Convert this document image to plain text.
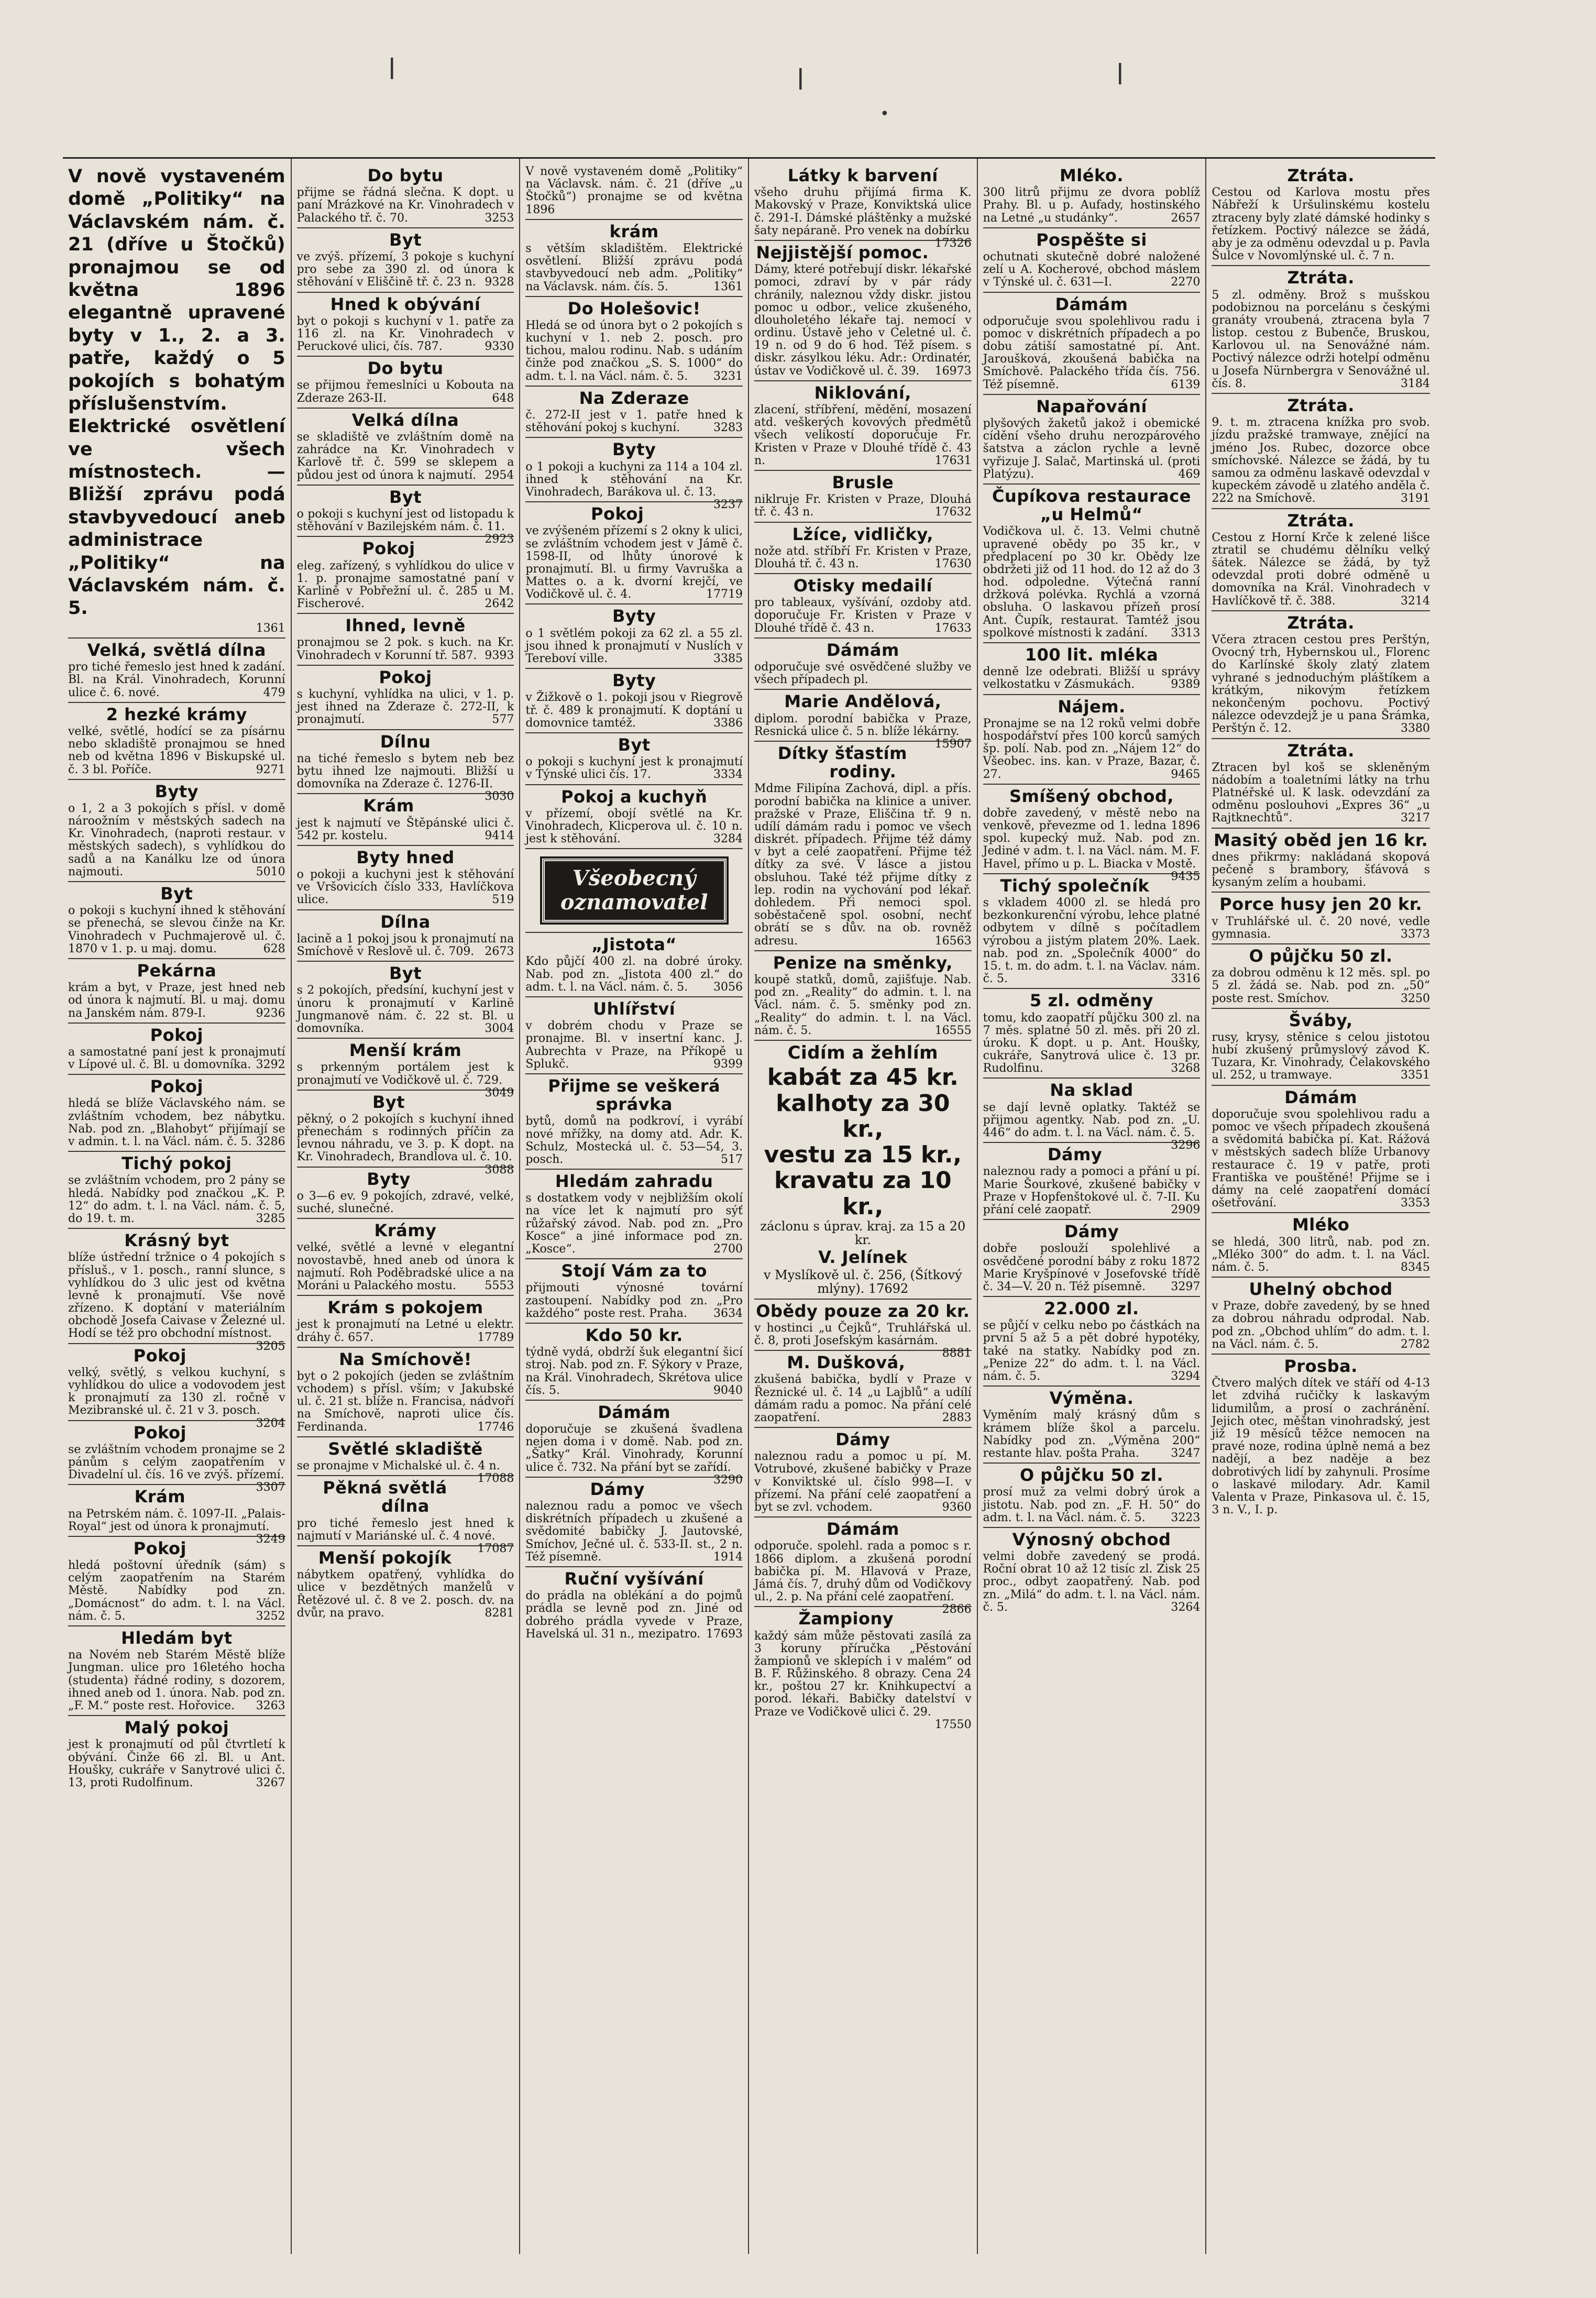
ǀ	ǀ	ǀ
•

V nově vystaveném domě „Politiky“ na Václavském nám. č. 21 (dříve u Štočků) pronajmou se od května 1896 elegantně upravené byty v 1., 2. a 3. patře, každý o 5 pokojích s bohatým příslušenstvím. Elektrické osvětlení ve všech místnostech. — Bližší zprávu podá stavbyvedoucí aneb administrace „Politiky“ na Václavském nám. č. 5.

1361
Velká, světlá dílna

pro tiché řemeslo jest hned k zadání. Bl. na Král. Vinohradech, Korunní ulice č. 6. nové.	479

2 hezké krámy

velké, světlé, hodící se za písárnu nebo skladiště pronajmou se hned neb od května 1896 v Biskupské ul. č. 3 bl. Poříče.	9271

Byty

o 1, 2 a 3 pokojích s přísl. v domě nároožním v městských sadech na Kr. Vinohradech, (naproti restaur. v městských sadech), s vyhlídkou do sadů a na Kanálku lze od února najmouti.	5010

Byt

o pokoji s kuchyní ihned k stěhování se přenechá, se slevou činže na Kr. Vinohradech v Puchmajerově ul. č. 1870 v 1. p. u maj. domu.	628

Pekárna

krám a byt, v Praze, jest hned neb od února k najmutí. Bl. u maj. domu na Janském nám. 879-I.	9236

Pokoj

a samostatné paní jest k pronajmutí v Lípové ul. č. Bl. u domovníka. 3292

Pokoj

hledá se blíže Václavského nám. se zvláštním vchodem, bez nábytku. Nab. pod zn. „Blahobyt“ přijímají se v admin. t. l. na Václ. nám. č. 5. 3286

Tichý pokoj

se zvláštním vchodem, pro 2 pány se hledá. Nabídky pod značkou „K. P. 12“ do adm. t. l. na Václ. nám. č. 5, do 19. t. m.	3285

Krásný byt

blíže ústřední tržnice o 4 pokojích s přísluš., v 1. posch., ranní slunce, s vyhlídkou do 3 ulic jest od května levně k pronajmutí. Vše nově zřízeno. K doptání v materiálním obchodě Josefa Caivase v Železné ul. Hodí se též pro obchodní místnost.
3205

Pokoj

velký, světlý, s velkou kuchyní, s vyhlídkou do ulice a vodovodem jest k pronajmutí za 130 zl. ročně v Mezibranské ul. č. 21 v 3. posch.
3204

Pokoj

se zvláštním vchodem pronajme se 2 pánům s celým zaopatřením v Divadelní ul. čís. 16 ve zvýš. přízemí.
3307

Krám

na Petrském nám. č. 1097-II. „Palais-Royal“ jest od února k pronajmutí.
3249

Pokoj

hledá poštovní úředník (sám) s celým zaopatřením na Starém Městě. Nabídky pod zn. „Domácnost“ do adm. t. l. na Václ. nám. č. 5.	3252

Hledám byt

na Novém neb Starém Městě blíže Jungman. ulice pro 16letého hocha (studenta) řádné rodiny, s dozorem, ihned aneb od 1. února. Nab. pod zn. „F. M.“ poste rest. Hořovice.	3263

Malý pokoj

jest k pronajmutí od půl čtvrtletí k obývání. Činže 66 zl. Bl. u Ant. Houšky, cukráře v Sanytrové ulici č. 13, proti Rudolfinum.	3267

Do bytu

přijme se řádná slečna. K dopt. u paní Mrázkové na Kr. Vinohradech v Palackého tř. č. 70.	3253

Byt

ve zvýš. přízemí, 3 pokoje s kuchyní pro sebe za 390 zl. od února k stěhování v Eliščině tř. č. 23 n. 9328

Hned k obývání

byt o pokoji s kuchyní v 1. patře za 116 zl. na Kr. Vinohradech v Peruckové ulici, čís. 787.	9330

Do bytu

se přijmou řemeslníci u Kobouta na Zderaze 263-II.	648

Velká dílna

se skladiště ve zvláštním domě na zahrádce na Kr. Vinohradech v Karlově tř. č. 599 se sklepem a půdou jest od února k najmutí. 2954

Byt

o pokoji s kuchyní jest od listopadu k stěhování v Bazilejském nám. č. 11.
2923

Pokoj

eleg. zařízený, s vyhlídkou do ulice v 1. p. pronajme samostatné paní v Karlině v Pobřežní ul. č. 285 u M. Fischerové.	2642

Ihned, levně

pronajmou se 2 pok. s kuch. na Kr. Vinohradech v Korunní tř. 587. 9393

Pokoj

s kuchyní, vyhlídka na ulici, v 1. p. jest ihned na Zderaze č. 272-II, k pronajmutí.	577

Dílnu

na tiché řemeslo s bytem neb bez bytu ihned lze najmouti. Bližší u domovníka na Zderaze č. 1276-II.
3030

Krám

jest k najmutí ve Štěpánské ulici č. 542 pr. kostelu.	9414

Byty hned

o pokoji a kuchyni jest k stěhování ve Vršovicích číslo 333, Havlíčkova ulice.	519

Dílna

lacině a 1 pokoj jsou k pronajmutí na Smíchově v Reslově ul. č. 709. 2673

Byt

s 2 pokojích, předsíní, kuchyní jest v únoru k pronajmutí v Karlině Jungmanově nám. č. 22 st. Bl. u domovníka.	3004

Menší krám

s prkenným portálem jest k pronajmutí ve Vodičkově ul. č. 729.
3049

Byt

pěkný, o 2 pokojích s kuchyní ihned přenechám s rodinných příčin za levnou náhradu, ve 3. p. K dopt. na Kr. Vinohradech, Brandlova ul. č. 10.
3088

Byty

o 3—6 ev. 9 pokojích, zdravé, velké, suché, slunečné.

Krámy

velké, světlé a levné v elegantní novostavbě, hned aneb od února k najmutí. Roh Poděbradské ulice a na Moráni u Palackého mostu.	5553

Krám s pokojem

jest k pronajmutí na Letné u elektr. dráhy č. 657.	17789

Na Smíchově!

byt o 2 pokojích (jeden se zvláštním vchodem) s přísl. vším; v Jakubské ul. č. 21 st. blíže n. Francisa, nádvoří na Smíchově, naproti ulice čís. Ferdinanda.	17746

Světlé skladiště

se pronajme v Michalské ul. č. 4 n.
17088

Pěkná světlá dílna

pro tiché řemeslo jest hned k najmutí v Mariánské ul. č. 4 nové.
17087

Menší pokojík

nábytkem opatřený, vyhlídka do ulice v bezdětných manželů v Řetězové ul. č. 8 ve 2. posch. dv. na dvůr, na pravo.	8281

V nově vystaveném domě „Politiky“ na Václavsk. nám. č. 21 (dříve „u Štočků“) pronajme se od května 1896

krám

s větším skladištěm. Elektrické osvětlení. Bližší zprávu podá stavbyvedoucí neb adm. „Politiky“ na Václavsk. nám. čís. 5.	1361

Do Holešovic!

Hledá se od února byt o 2 pokojích s kuchyní v 1. neb 2. posch. pro tichou, malou rodinu. Nab. s udáním činže pod značkou „S. S. 1000“ do adm. t. l. na Václ. nám. č. 5.	3231

Na Zderaze

č. 272-II jest v 1. patře hned k stěhování pokoj s kuchyní.	3283

Byty

o 1 pokoji a kuchyni za 114 a 104 zl. ihned k stěhování na Kr. Vinohradech, Barákova ul. č. 13.
3237

Pokoj

ve zvýšeném přízemí s 2 okny k ulici, se zvláštním vchodem jest v Jámě č. 1598-II, od lhůty únorové k pronajmutí. Bl. u firmy Vavruška a Mattes o. a k. dvorní krejčí, ve Vodičkově ul. č. 4.	17719

Byty

o 1 světlém pokoji za 62 zl. a 55 zl. jsou ihned k pronajmutí v Nuslích v Tereboví ville.	3385

Byty

v Žižkově o 1. pokoji jsou v Riegrově tř. č. 489 k pronajmutí. K doptání u domovnice tamtéž.	3386

Byt

o pokoji s kuchyní jest k pronajmutí v Týnské ulici čís. 17.	3334

Pokoj a kuchyň

v přízemí, obojí světlé na Kr. Vinohradech, Klicperova ul. č. 10 n. jest k stěhování.	3284

Všeobecný
oznamovatel
„Jistota“

Kdo půjčí 400 zl. na dobré úroky. Nab. pod zn. „Jistota 400 zl.“ do adm. t. l. na Václ. nám. č. 5.	3056

Uhlířství

v dobrém chodu v Praze se pronajme. Bl. v insertní kanc. J. Aubrechta v Praze, na Příkopě u Splukč.	9399

Přijme se veškerá správka

bytů, domů na podkroví, i vyrábí nové mřížky, na domy atd. Adr. K. Schulz, Mostecká ul. č. 53—54, 3. posch.	517

Hledám zahradu

s dostatkem vody v nejbližším okolí na více let k najmutí pro sýť růžařský závod. Nab. pod zn. „Pro Kosce“ a jiné informace pod zn. „Kosce“.	2700

Stojí Vám za to

přijmouti výnosné tovární zastoupení. Nabídky pod zn. „Pro každého“ poste rest. Praha.	3634

Kdo 50 kr.

týdně vydá, obdrží šuk elegantní šicí stroj. Nab. pod zn. F. Sýkory v Praze, na Král. Vinohradech, Skrétova ulice čís. 5.	9040

Dámám

doporučuje se zkušená švadlena nejen doma i v domě. Nab. pod zn. „Šatky“ Král. Vinohrady, Korunní ulice č. 732. Na přání byt se zařídí.
3290

Dámy

naleznou radu a pomoc ve všech diskrétních případech u zkušené a svědomité babičky J. Jautovské, Smíchov, Ječné ul. č. 533-II. st., 2 n. Též písemně.	1914

Ruční vyšívání

do prádla na oblékání a do pojmů prádla se levně pod zn. Jiné od dobrého prádla vyvede v Praze, Havelská ul. 31 n., mezipatro. 17693

Látky k barvení

všeho druhu přijímá firma K. Makovský v Praze, Konviktská ulice č. 291-I. Dámské pláštěnky a mužské šaty nepáraně. Pro venek na dobírku
17326

Nejjistější pomoc.

Dámy, které potřebují diskr. lékařské pomoci, zdraví by v pár rády chránily, naleznou vždy diskr. jistou pomoc u odbor., velice zkušeného, dlouholetého lékaře taj. nemocí v ordinu. Ústavě jeho v Celetné ul. č. 19 n. od 9 do 6 hod. Též písem. s diskr. zásylkou léku. Adr.: Ordinatér, ústav ve Vodičkově ul. č. 39.	16973

Niklování,

zlacení, stříbření, mědění, mosazení atd. veškerých kovových předmětů všech velikostí doporučuje Fr. Kristen v Praze v Dlouhé třídě č. 43 n.	17631

Brusle

niklruje Fr. Kristen v Praze, Dlouhá tř. č. 43 n.	17632

Lžíce, vidličky,

nože atd. stříbří Fr. Kristen v Praze, Dlouhá tř. č. 43 n.	17630

Otisky medailí

pro tableaux, vyšívání, ozdoby atd. doporučuje Fr. Kristen v Praze v Dlouhé třídě č. 43 n.	17633

Dámám

odporučuje své osvědčené služby ve všech případech pl.

Marie Andělová,

diplom. porodní babička v Praze, Resnická ulice č. 5 n. blíže lékárny.
15907

Dítky šťastím rodiny.

Mdme Filipína Zachová, dipl. a přís. porodní babička na klinice a univer. pražské v Praze, Eliščina tř. 9 n. udílí dámám radu i pomoc ve všech diskrét. případech. Přijme též dámy v byt a celé zaopatření. Přijme též dítky za své. V lásce a jistou obsluhou. Také též přijme dítky z lep. rodin na vychování pod lékař. dohledem. Při nemoci spol. soběstačeně spol. osobní, nechť obrátí se s dův. na ob. rovněž adresu.	16563

Penize na směnky,

koupě statků, domů, zajišťuje. Nab. pod zn. „Reality“ do admin. t. l. na Václ. nám. č. 5. směnky pod zn. „Reality“ do admin. t. l. na Václ. nám. č. 5.	16555

Cidím a žehlím
kabát za 45 kr.
kalhoty za 30 kr.,
vestu za 15 kr.,
kravatu za 10 kr.,
záclonu s úprav. kraj. za 15 a 20 kr.
V. Jelínek
v Myslíkově ul. č. 256, (Šítkový mlýny). 17692
Obědy pouze za 20 kr.

v hostinci „u Čejků“, Truhlářská ul. č. 8, proti Josefským kasárnám.
8881

M. Dušková,

zkušená babička, bydlí v Praze v Řeznické ul. č. 14 „u Lajblů“ a udílí dámám radu a pomoc. Na přání celé zaopatření.	2883

Dámy

naleznou radu a pomoc u pí. M. Votrubové, zkušené babičky v Praze v Konviktské ul. číslo 998—I. v přízemí. Na přání celé zaopatření a byt se zvl. vchodem.	9360

Dámám

odporuče. spolehl. rada a pomoc s r. 1866 diplom. a zkušená porodní babička pí. M. Hlavová v Praze, Jámá čís. 7, druhý dům od Vodičkovy ul., 2. p. Na přání celé zaopatření.
2866

Žampiony

každý sám může pěstovati zasílá za 3 koruny příručka „Pěstování žampionů ve sklepích i v malém“ od B. F. Růžinského. 8 obrazy. Cena 24 kr., poštou 27 kr. Knihkupectví a porod. lékaři. Babičky datelství v Praze ve Vodičkově ulici č. 29.
17550

Mléko.

300 litrů přijmu ze dvora poblíž Prahy. Bl. u p. Aufady, hostinského na Letné „u studánky“.	2657

Pospěšte si

ochutnati skutečně dobré naložené zelí u A. Kocherové, obchod máslem v Týnské ul. č. 631—I.	2270

Dámám

odporučuje svou spolehlivou radu i pomoc v diskrétních případech a po dobu zátiší samostatné pí. Ant. Jaroušková, zkoušená babička na Smíchově. Palackého třída čís. 756. Též písemně.	6139

Napařování

plyšových žaketů jakož i obemické cídění všeho druhu nerozpárového šatstva a záclon rychle a levně vyřizuje J. Salač, Martinská ul. (proti Platýzu).	469

Čupíkova restaurace „u Helmů“

Vodičkova ul. č. 13. Velmi chutně upravené obědy po 35 kr., v předplacení po 30 kr. Obědy lze obdržeti již od 11 hod. do 12 až do 3 hod. odpoledne. Výtečná ranní držková polévka. Rychlá a vzorná obsluha. O laskavou přízeň prosí Ant. Čupík, restaurat. Tamtéž jsou spolkové místnosti k zadání.	3313

100 lit. mléka

denně lze odebrati. Bližší u správy velkostatku v Zásmukách.	9389

Nájem.

Pronajme se na 12 roků velmi dobře hospodářství přes 100 korců samých šp. polí. Nab. pod zn. „Nájem 12“ do Všeobec. ins. kan. v Praze, Bazar, č. 27.	9465

Smíšený obchod,

dobře zavedený, v městě nebo na venkově, převezme od 1. ledna 1896 spol. kupecký muž. Nab. pod zn. Jediné v adm. t. l. na Václ. nám. M. F. Havel, přímo u p. L. Biacka v Mostě.
9435

Tichý společník

s vkladem 4000 zl. se hledá pro bezkonkurenční výrobu, lehce platné odbytem v dílně s počítadlem výrobou a jistým platem 20%. Laek. nab. pod zn. „Společník 4000“ do 15. t. m. do adm. t. l. na Václav. nám. č. 5.	3316

5 zl. odměny

tomu, kdo zaopatří půjčku 300 zl. na 7 měs. splatné 50 zl. měs. při 20 zl. úroku. K dopt. u p. Ant. Houšky, cukráře, Sanytrová ulice č. 13 pr. Rudolfinu.	3268

Na sklad

se dají levně oplatky. Taktéž se přijmou agentky. Nab. pod zn. „U. 446“ do adm. t. l. na Václ. nám. č. 5.
3296

Dámy

naleznou rady a pomoci a přání u pí. Marie Šourkové, zkušené babičky v Praze v Hopfenštokové ul. č. 7-II. Ku přání celé zaopatř.	2909

Dámy

dobře poslouží spolehlivé a osvědčené porodní báby z roku 1872 Marie Kryšpínové v Josefovské třídě č. 34—V. 20 n. Též písemně.	3297

22.000 zl.

se půjčí v celku nebo po částkách na první 5 až 5 a pět dobré hypotéky, také na statky. Nabídky pod zn. „Penize 22“ do adm. t. l. na Václ. nám. č. 5.	3294

Výměna.

Vyměním malý krásný dům s krámem blíže škol a parcelu. Nabídky pod zn. „Výměna 200“ restante hlav. pošta Praha.	3247

O půjčku 50 zl.

prosí muž za velmi dobrý úrok a jistotu. Nab. pod zn. „F. H. 50“ do adm. t. l. na Václ. nám. č. 5.	3223

Výnosný obchod

velmi dobře zavedený se prodá. Roční obrat 10 až 12 tisíc zl. Zisk 25 proc., odbyt zaopatřený. Nab. pod zn. „Milá“ do adm. t. l. na Václ. nám. č. 5.	3264

Ztráta.

Cestou od Karlova mostu přes Nábřeží k Uršulinskému kostelu ztraceny byly zlaté dámské hodinky s řetízkem. Poctivý nálezce se žádá, aby je za odměnu odevzdal u p. Pavla Šulce v Novomlýnské ul. č. 7 n.

Ztráta.

5 zl. odměny. Brož s mušskou podobiznou na porcelánu s českými granáty vroubená, ztracena byla 7 listop. cestou z Bubenče, Bruskou, Karlovou ul. na Senovážné nám. Poctivý nálezce održi hotelpí odměnu u Josefa Nürnbergra v Senovážné ul. čís. 8.	3184

Ztráta.

9. t. m. ztracena knížka pro svob. jízdu pražské tramwaye, znějící na jméno Jos. Rubec, dozorce obce smíchovské. Nálezce se žádá, by tu samou za odměnu laskavě odevzdal v kupeckém závodě u zlatého anděla č. 222 na Smíchově.	3191

Ztráta.

Cestou z Horní Krče k zelené lišce ztratil se chudému dělníku velký šátek. Nálezce se žádá, by tyž odevzdal proti dobré odměně u domovníka na Král. Vinohradech v Havlíčkově tř. č. 388.	3214

Ztráta.

Včera ztracen cestou pres Perštýn, Ovocný trh, Hybernskou ul., Florenc do Karlínské školy zlatý zlatem vyhrané s jednoduchým pláštíkem a krátkým, nikovým řetízkem nekončeným pochovu. Poctivý nálezce odevzdejž je u pana Šrámka, Perštýn č. 12.	3380

Ztráta.

Ztracen byl koš se skleněným nádobím a toaletními látky na trhu Platnéřské ul. K lask. odevzdání za odměnu poslouhovi „Expres 36“ „u Rajtknechtů“.	3217

Masitý oběd jen 16 kr.

dnes přikrmy: nakládaná skopová pečeně s brambory, šťávová s kysaným zelím a houbami.

Porce husy jen 20 kr.

v Truhlářské ul. č. 20 nové, vedle gymnasia.	3373

O půjčku 50 zl.

za dobrou odměnu k 12 měs. spl. po 5 zl. žádá se. Nab. pod zn. „50“ poste rest. Smíchov.	3250

Šváby,

rusy, krysy, stěnice s celou jistotou hubí zkušený průmyslový závod K. Tuzara, Kr. Vinohrady, Čelakovského ul. 252, u tramwaye.	3351

Dámám

doporučuje svou spolehlivou radu a pomoc ve všech případech zkoušená a svědomitá babička pí. Kat. Rážová v městských sadech blíže Urbanovy restaurace č. 19 v patře, proti Františka ve pouštěné! Přijme se i dámy na celé zaopatření domácí ošetřování.	3353

Mléko

se hledá, 300 litrů, nab. pod zn. „Mléko 300“ do adm. t. l. na Václ. nám. č. 5.	8345

Uhelný obchod

v Praze, dobře zavedený, by se hned za dobrou náhradu odprodal. Nab. pod zn. „Obchod uhlím“ do adm. t. l. na Václ. nám. č. 5.	2782

Prosba.

Čtvero malých dítek ve stáří od 4-13 let zdvihá ručičky k laskavým lidumilům, a prosí o zachránění. Jejich otec, měštan vinohradský, jest již 19 měsíců těžce nemocen na pravé noze, rodina úplně nemá a bez nadějí, a bez naděje a bez dobrotivých lidí by zahynuli. Prosíme o laskavé milodary. Adr. Kamil Valenta v Praze, Pinkasova ul. č. 15, 3 n. V., I. p.
